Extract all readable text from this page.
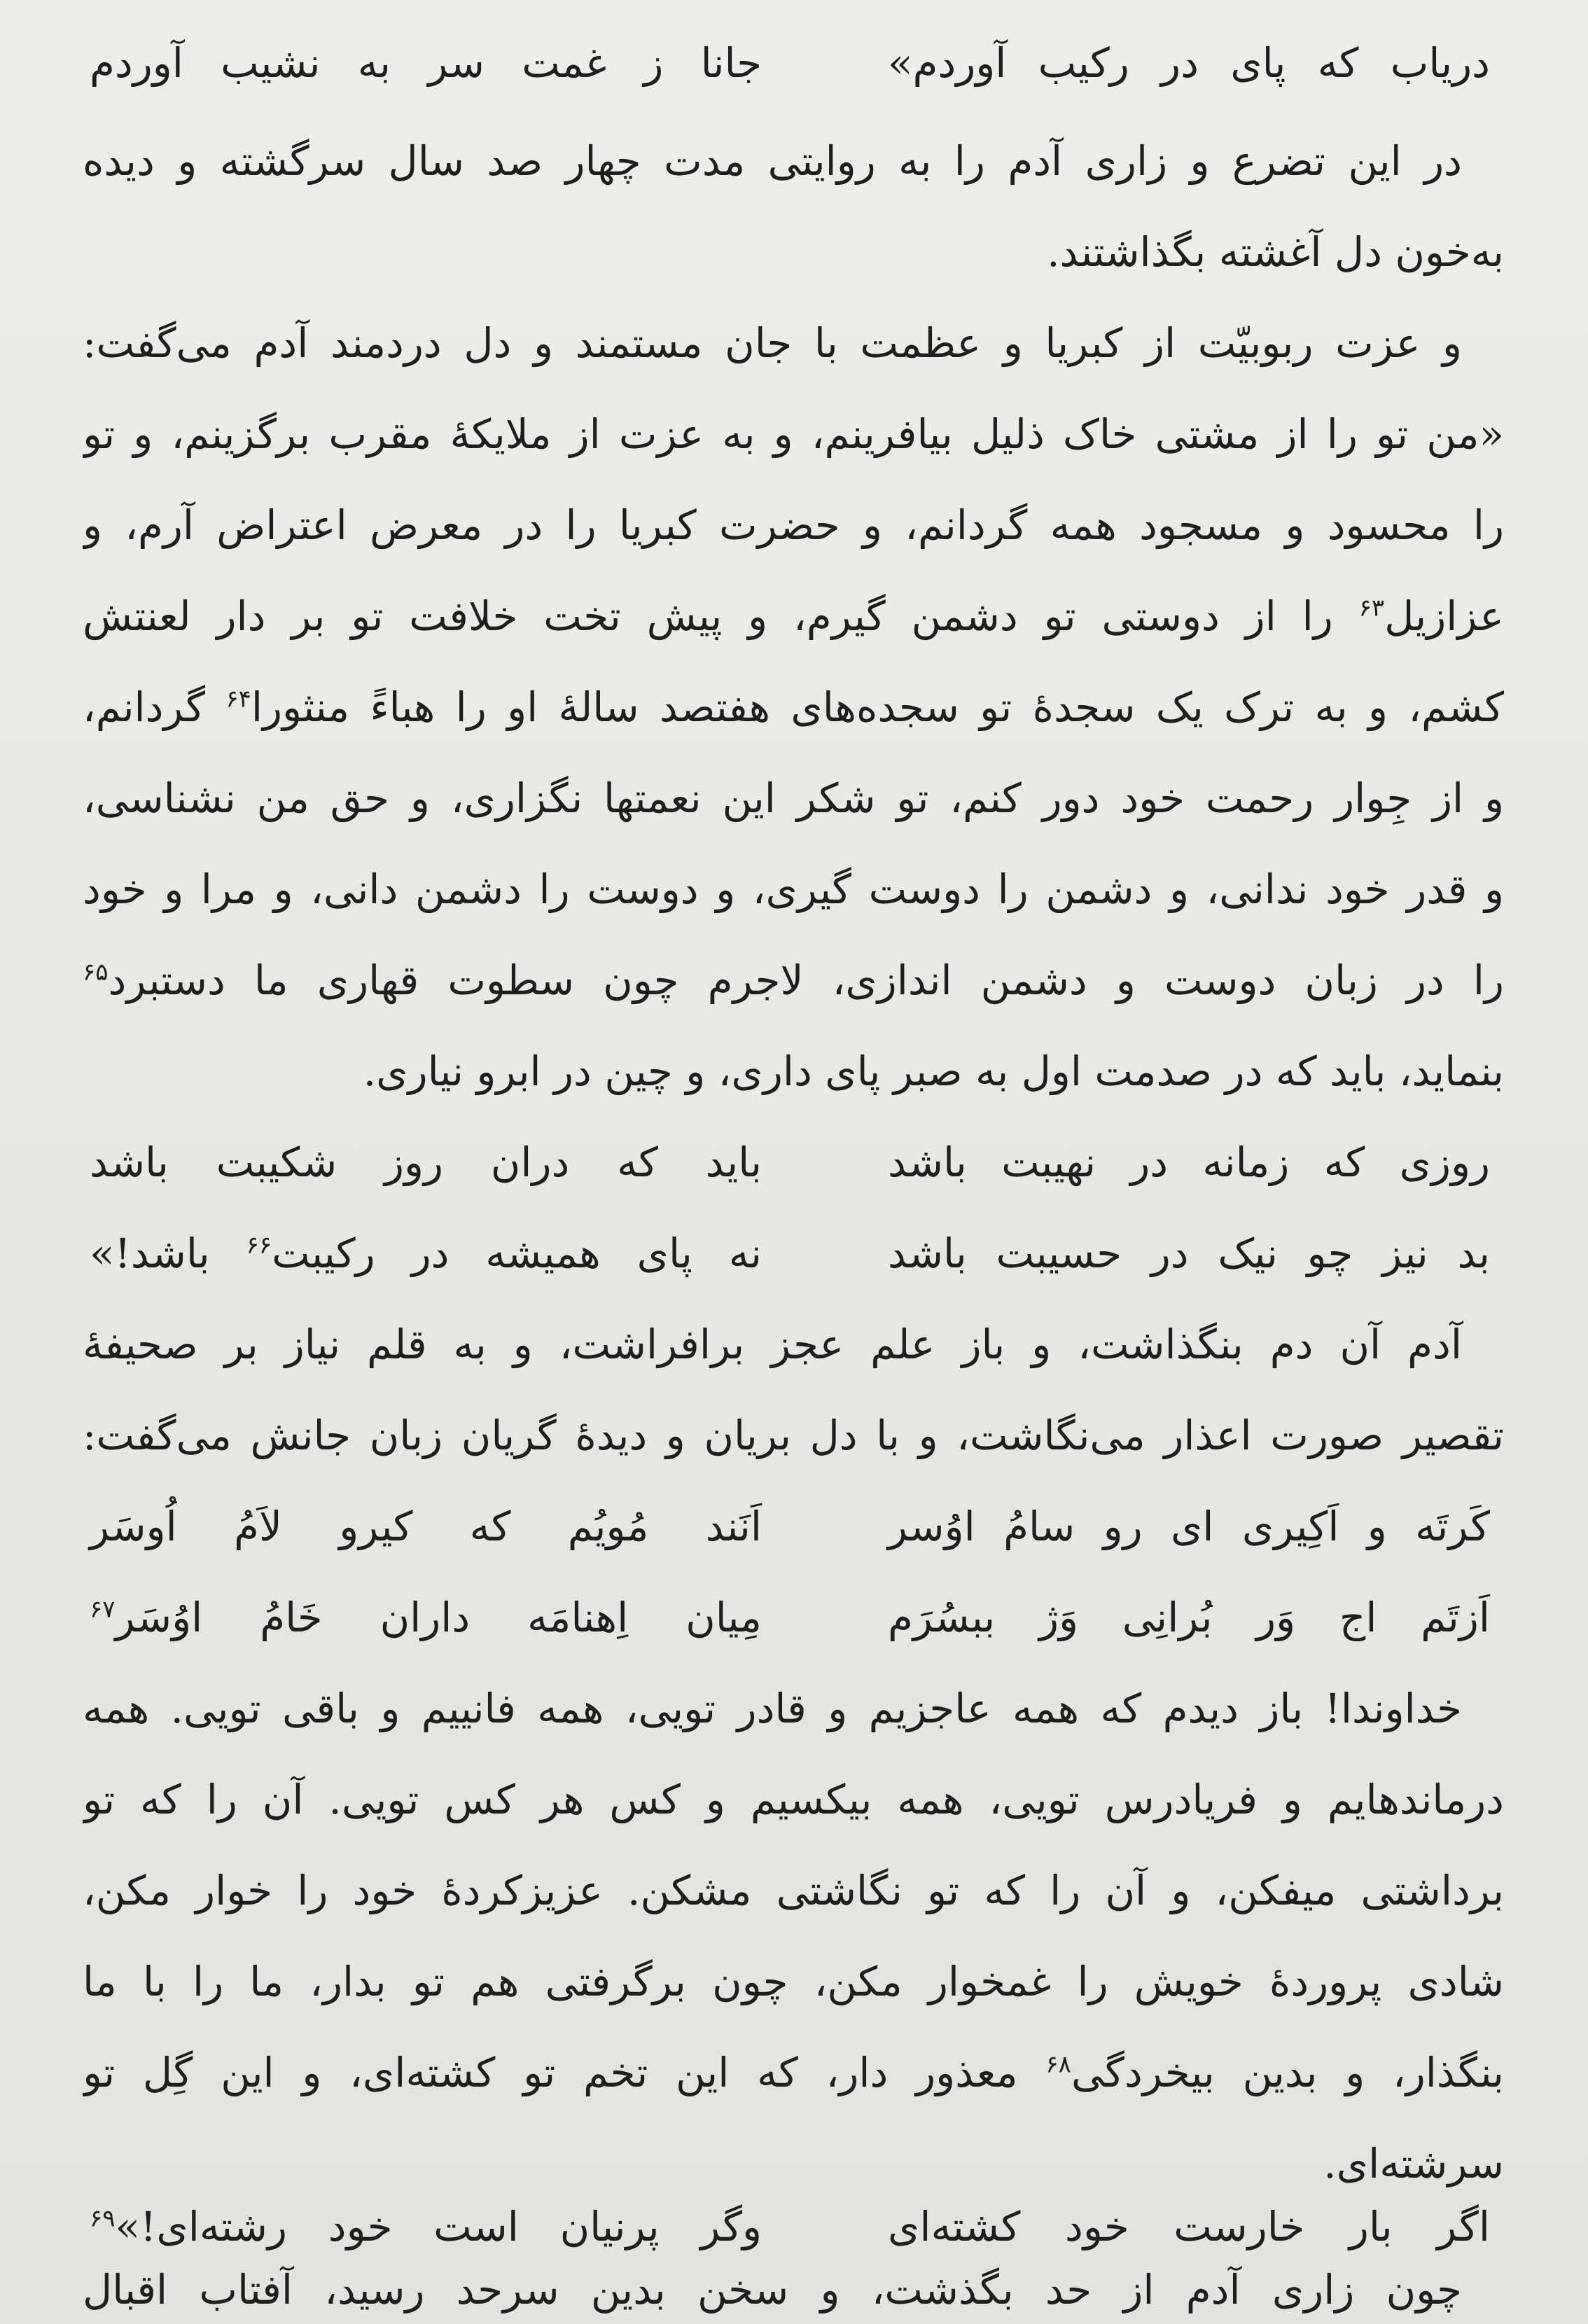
جانا ز غمت سر به نشیب آوردم	دریاب که پای در رکیب آوردم»
در این تضرع و زاری آدم را به روایتی مدت چهار صد سال سرگشته و دیده
به‌خون دل آغشته بگذاشتند.
و عزت ربوبیّت از کبریا و عظمت با جان مستمند و دل دردمند آدم می‌گفت:
«من تو را از مشتی خاک ذلیل بیافرینم، و به عزت از ملایکهٔ مقرب برگزینم، و تو
را محسود و مسجود همه گردانم، و حضرت کبریا را در معرض اعتراض آرم، و
عزازیل$^{۶۳}$ را از دوستی تو دشمن گیرم، و پیش تخت خلافت تو بر دار لعنتش
کشم، و به ترک یک سجدهٔ تو سجده‌های هفتصد سالهٔ او را هباءً منثورا$^{۶۴}$ گردانم،
و از جِوار رحمت خود دور کنم، تو شکر این نعمتها نگزاری، و حق من نشناسی،
و قدر خود ندانی، و دشمن را دوست گیری، و دوست را دشمن دانی، و مرا و خود
را در زبان دوست و دشمن اندازی، لاجرم چون سطوت قهاری ما دستبرد$^{۶۵}$
بنماید، باید که در صدمت اول به صبر پای داری، و چین در ابرو نیاری.
روزی که زمانه در نهیبت باشد
باید که دران روز شکیبت باشد
بد نیز چو نیک در حسیبت باشد
نه پای همیشه در رکیبت$^{۶۶}$ باشد!»
آدم آن دم بنگذاشت، و باز علم عجز برافراشت، و به قلم نیاز بر صحیفهٔ
تقصیر صورت اعذار می‌نگاشت، و با دل بریان و دیدهٔ گریان زبان جانش می‌گفت:
کَرتَه و اَکِیری ای رو سامُ اوُسر
اَنَند مُویُم که کیرو لاَمُ اُوسَر
اَزتَم اج وَر بُرانِی وَژ ببسُرَم
مِیان اِهنامَه داران خَامُ اوُسَر$^{۶۷}$
خداوندا! باز دیدم که همه عاجزیم و قادر تویی، همه فانییم و باقی تویی. همه
درماندهایم و فریادرس تویی، همه بیکسیم و کس هر کس تویی. آن را که تو
برداشتی میفکن، و آن را که تو نگاشتی مشکن. عزیزکردهٔ خود را خوار مکن،
شادی پروردهٔ خویش را غمخوار مکن، چون برگرفتی هم تو بدار، ما را با ما
بنگذار، و بدین بیخردگی$^{۶۸}$ معذور دار، که این تخم تو کشته‌ای، و این گِل تو
سرشته‌ای.
اگر بار خارست خود کشته‌ای
وگر پرنیان است خود رشته‌ای!»$^{۶۹}$
چون زاری آدم از حد بگذشت، و سخن بدین سرحد رسید، آفتاب اقبال
